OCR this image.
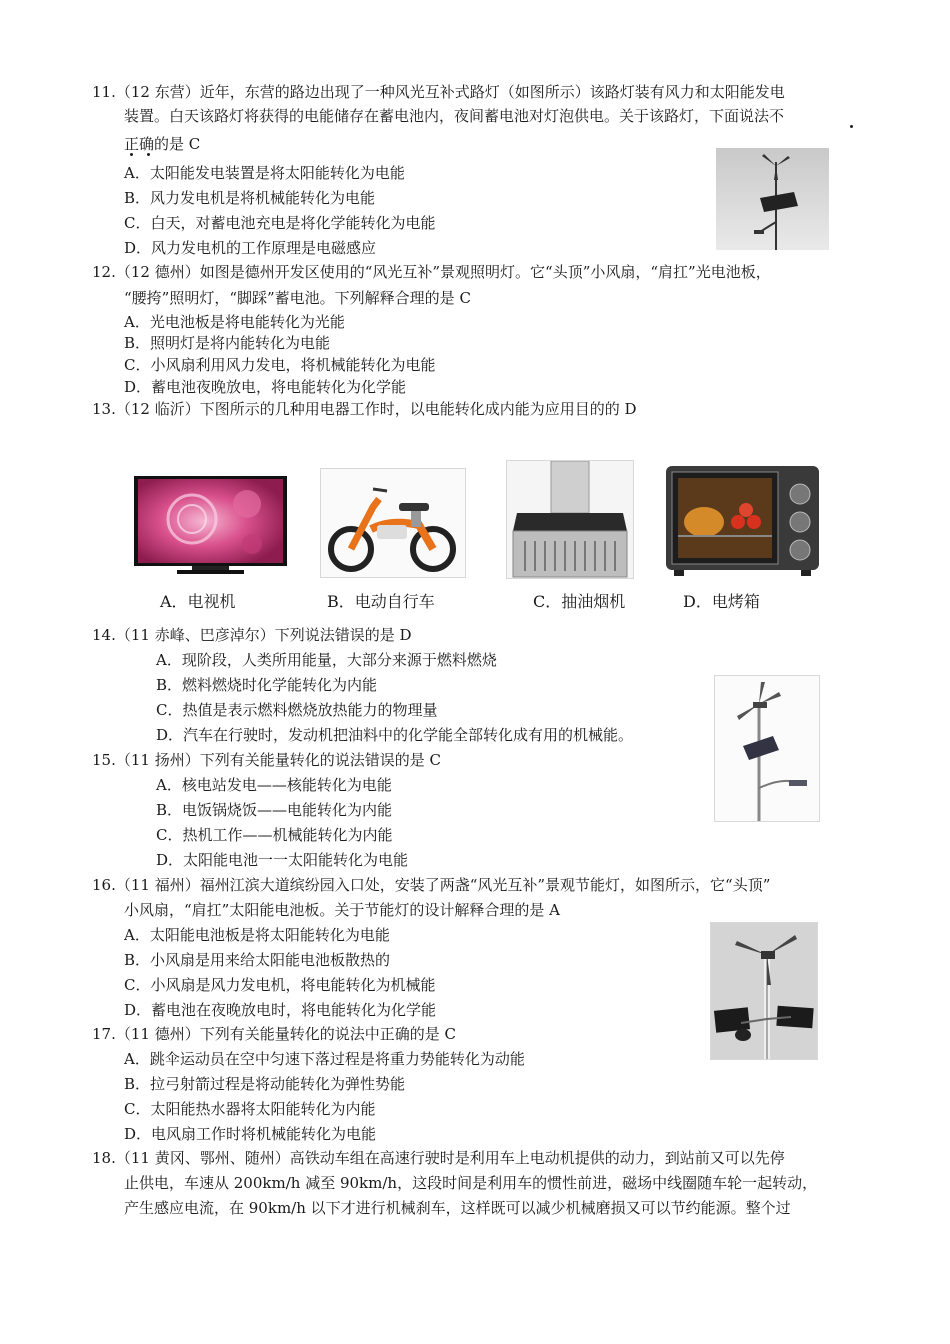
11.（12 东营）近年，东营的路边出现了一种风光互补式路灯（如图所示）该路灯装有风力和太阳能发电
装置。白天该路灯将获得的电能储存在蓄电池内，夜间蓄电池对灯泡供电。关于该路灯，下面说法不
正确的是 C
A．太阳能发电装置是将太阳能转化为电能
B．风力发电机是将机械能转化为电能
C．白天，对蓄电池充电是将化学能转化为电能
D．风力发电机的工作原理是电磁感应
12.（12 德州）如图是德州开发区使用的“风光互补”景观照明灯。它“头顶”小风扇，“肩扛”光电池板，
“腰挎”照明灯，“脚踩”蓄电池。下列解释合理的是 C
A．光电池板是将电能转化为光能
B．照明灯是将内能转化为电能
C．小风扇利用风力发电，将机械能转化为电能
D．蓄电池夜晚放电，将电能转化为化学能
13.（12 临沂）下图所示的几种用电器工作时，以电能转化成内能为应用目的的 D
A．电视机	B．电动自行车	C．抽油烟机	D．电烤箱
14.（11 赤峰、巴彦淖尔）下列说法错误的是 D
A．现阶段，人类所用能量，大部分来源于燃料燃烧
B．燃料燃烧时化学能转化为内能
C．热值是表示燃料燃烧放热能力的物理量
D．汽车在行驶时，发动机把油料中的化学能全部转化成有用的机械能。
15.（11 扬州）下列有关能量转化的说法错误的是 C
A．核电站发电——核能转化为电能
B．电饭锅烧饭——电能转化为内能
C．热机工作——机械能转化为内能
D．太阳能电池一一太阳能转化为电能
16.（11 福州）福州江滨大道缤纷园入口处，安装了两盏“风光互补”景观节能灯，如图所示，它“头顶”
小风扇，“肩扛”太阳能电池板。关于节能灯的设计解释合理的是 A
A．太阳能电池板是将太阳能转化为电能
B．小风扇是用来给太阳能电池板散热的
C．小风扇是风力发电机，将电能转化为机械能
D．蓄电池在夜晚放电时，将电能转化为化学能
17.（11 德州）下列有关能量转化的说法中正确的是 C
A．跳伞运动员在空中匀速下落过程是将重力势能转化为动能
B．拉弓射箭过程是将动能转化为弹性势能
C．太阳能热水器将太阳能转化为内能
D．电风扇工作时将机械能转化为电能
18.（11 黄冈、鄂州、随州）高铁动车组在高速行驶时是利用车上电动机提供的动力，到站前又可以先停
止供电，车速从 200km/h 减至 90km/h，这段时间是利用车的惯性前进，磁场中线圈随车轮一起转动，
产生感应电流，在 90km/h 以下才进行机械刹车，这样既可以减少机械磨损又可以节约能源。整个过
